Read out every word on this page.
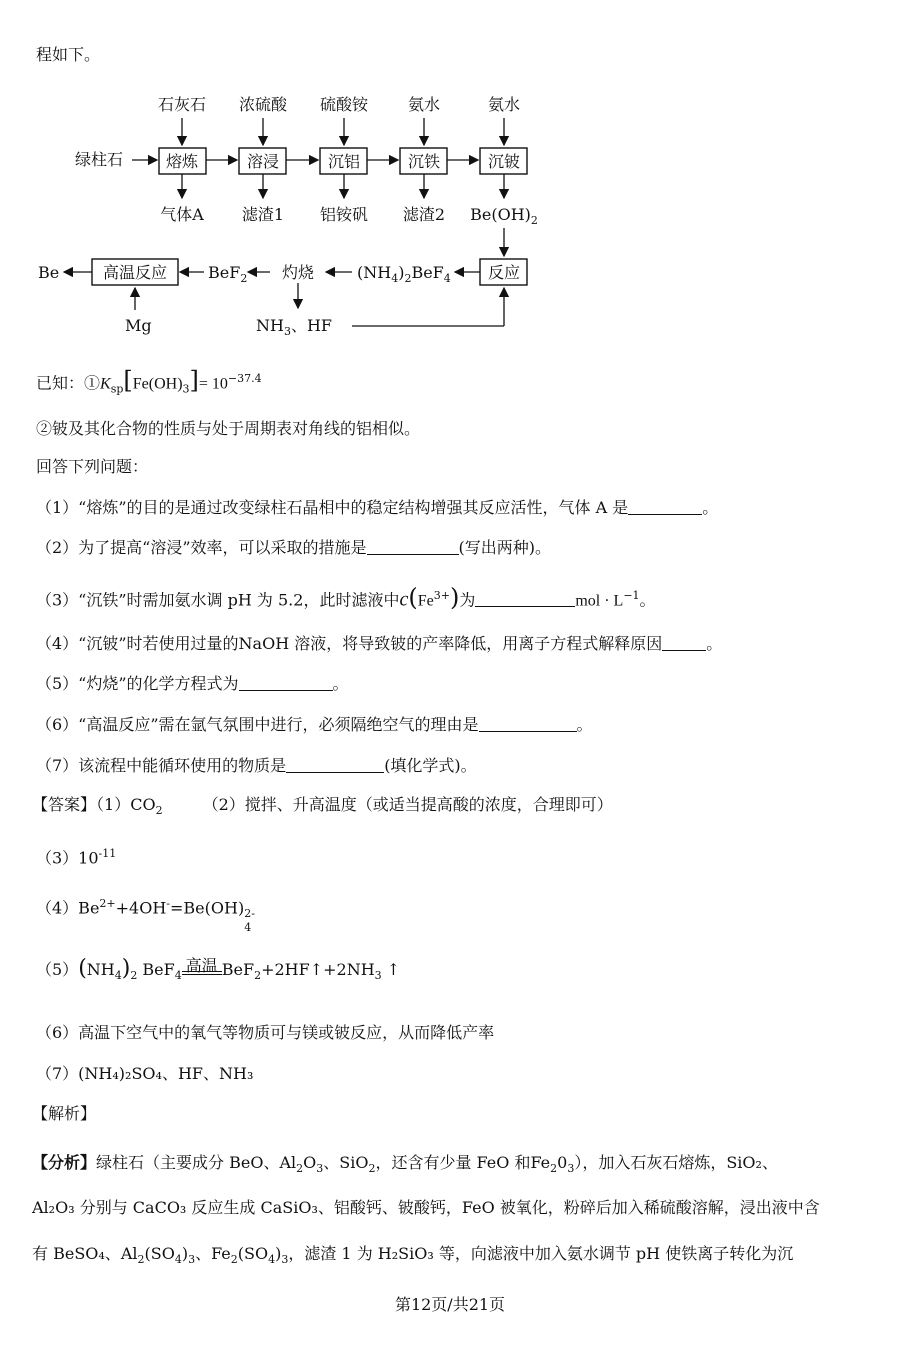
程如下。
石灰石 浓硫酸 硫酸铵 氨水	氨水
绿柱石	熔炼	溶浸	沉铝	沉铁	沉铍
气体A 滤渣1 铝铵矾 滤渣2 $Be(OH)_2$
反应
$(NH_4)_2BeF_4$
灼烧
BeF$_2$
高温反应
Be
Mg	$NH_3$、HF
已知：$①K_{sp}[Fe(OH)_3]= 10^{-37.4}$
②铍及其化合物的性质与处于周期表对角线的铝相似。
回答下列问题：
（1）“熔炼”的目的是通过改变绿柱石晶相中的稳定结构增强其反应活性，气体 A 是	。
（2）为了提高“溶浸”效率，可以采取的措施是	(写出两种)。
（3）“沉铁”时需加氨水调 pH 为 5.2，此时滤液中$c(Fe^{3+})$为	mol · $L^{-1}$。
（4）“沉铍”时若使用过量的NaOH 溶液，将导致铍的产率降低，用离子方程式解释原因	。
（5）“灼烧”的化学方程式为	。
（6）“高温反应”需在氩气氛围中进行，必须隔绝空气的理由是	。
（7）该流程中能循环使用的物质是	(填化学式)。
【答案】$(1)CO_2$	（2）搅拌、升高温度（或适当提高酸的浓度，合理即可）
$(3)10^{-11}$
$(4)Be^{2+}+4OH^-=Be(OH)$ 2-
4
$(5)(NH_4)_2$ BeF$_4$
高温 $BeF_2+2HF↑+2NH_3$ ↑
（6）高温下空气中的氧气等物质可与镁或铍反应，从而降低产率
（7）(NH₄)₂SO₄、HF、NH₃
【解析】
【分析】绿柱石（主要成分 BeO、$Al_2O_3$、SiO$_2$，还含有少量 FeO 和$Fe_20_3$），加入石灰石熔炼，SiO₂、
Al₂O₃ 分别与 CaCO₃ 反应生成 CaSiO₃、铝酸钙、铍酸钙，FeO 被氧化，粉碎后加入稀硫酸溶解，浸出液中含
有 BeSO₄、$Al_2(SO_4)_3$、$Fe_2(SO_4)_3$，滤渣 1 为 H₂SiO₃ 等，向滤液中加入氨水调节 pH 使铁离子转化为沉
第12页/共21页
